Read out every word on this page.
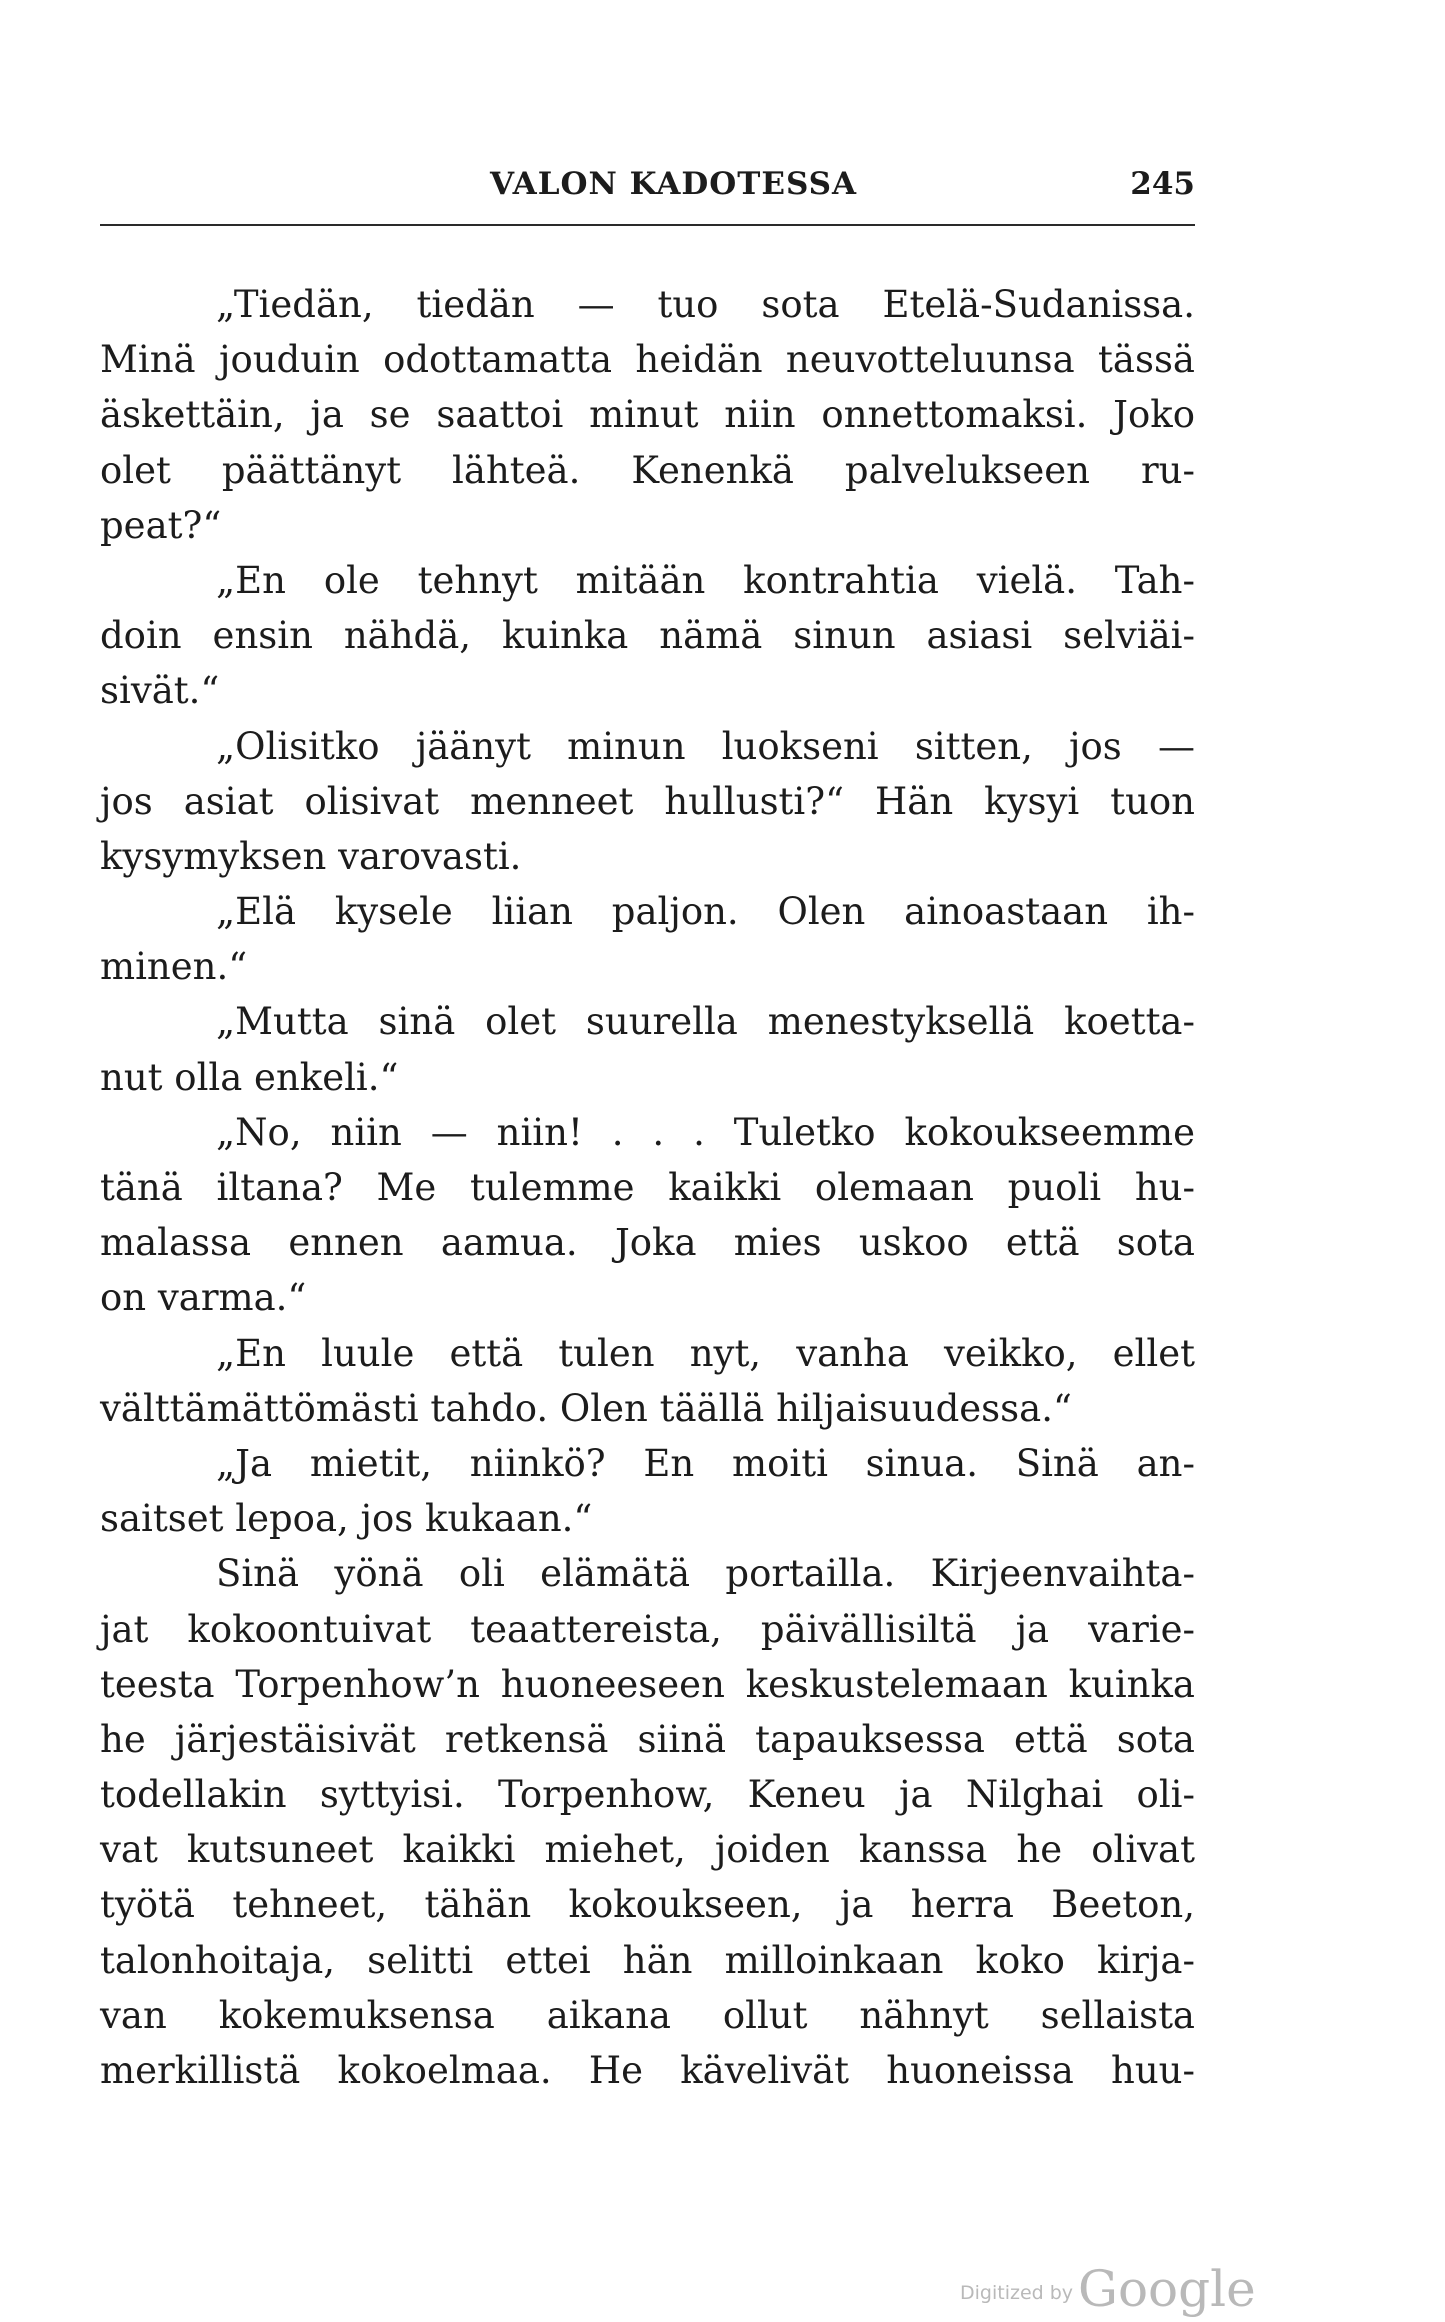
VALON KADOTESSA	245
„Tiedän, tiedän — tuo sota Etelä-Sudanissa.
Minä jouduin odottamatta heidän neuvotteluunsa tässä
äskettäin, ja se saattoi minut niin onnettomaksi. Joko
olet päättänyt lähteä. Kenenkä palvelukseen ru-
peat?“
„En ole tehnyt mitään kontrahtia vielä. Tah-
doin ensin nähdä, kuinka nämä sinun asiasi selviäi-
sivät.“
„Olisitko jäänyt minun luokseni sitten, jos —
jos asiat olisivat menneet hullusti?“ Hän kysyi tuon
kysymyksen varovasti.
„Elä kysele liian paljon. Olen ainoastaan ih-
minen.“
„Mutta sinä olet suurella menestyksellä koetta-
nut olla enkeli.“
„No, niin — niin! . . . Tuletko kokoukseemme
tänä iltana? Me tulemme kaikki olemaan puoli hu-
malassa ennen aamua. Joka mies uskoo että sota
on varma.“
„En luule että tulen nyt, vanha veikko, ellet
välttämättömästi tahdo. Olen täällä hiljaisuudessa.“
„Ja mietit, niinkö? En moiti sinua. Sinä an-
saitset lepoa, jos kukaan.“
Sinä yönä oli elämätä portailla. Kirjeenvaihta-
jat kokoontuivat teaattereista, päivällisiltä ja varie-
teesta Torpenhow’n huoneeseen keskustelemaan kuinka
he järjestäisivät retkensä siinä tapauksessa että sota
todellakin syttyisi. Torpenhow, Keneu ja Nilghai oli-
vat kutsuneet kaikki miehet, joiden kanssa he olivat
työtä tehneet, tähän kokoukseen, ja herra Beeton,
talonhoitaja, selitti ettei hän milloinkaan koko kirja-
van kokemuksensa aikana ollut nähnyt sellaista
merkillistä kokoelmaa. He kävelivät huoneissa huu-
Digitized by Google
